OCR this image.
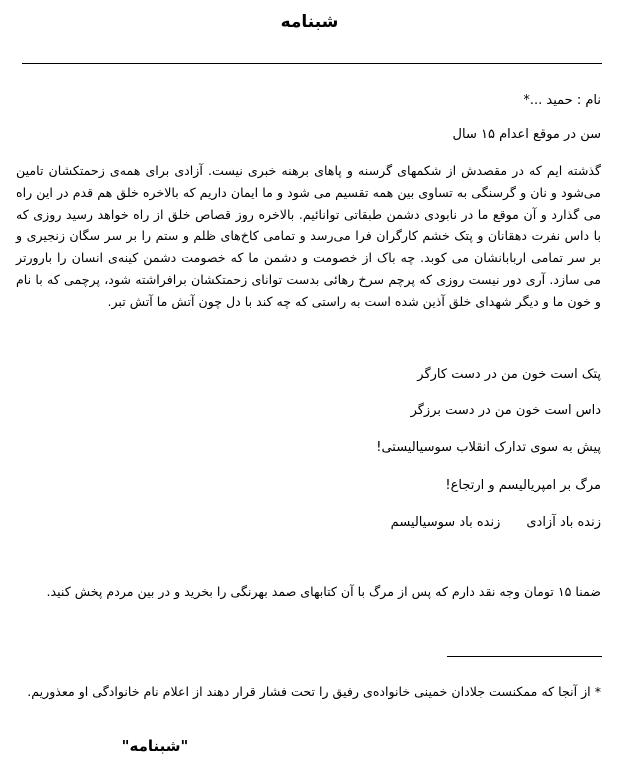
شبنامه
نام : حمید ...*
سن در موقع اعدام ۱۵ سال
گذشته ایم که در مقصدش از شکمهای گرسنه و پاهای برهنه خبری نیست. آزادی برای همه‌ی زحمتکشان تامین می‌شود و نان و گرسنگی به تساوی بین همه تقسیم می شود و ما ایمان داریم که بالاخره خلق هم قدم در این راه می گذارد و آن موقع ما در نابودی دشمن طبقاتی توانائیم. بالاخره روز قصاص خلق از راه خواهد رسید روزی که با داس نفرت دهقانان و پتک خشم کارگران فرا می‌رسد و تمامی کاخ‌های ظلم و ستم را بر سر سگان زنجیری و بر سر تمامی اربابانشان می کوبد. چه باک از خصومت و دشمن ما که خصومت دشمن کینه‌ی انسان را بارورتر می سازد. آری دور نیست روزی که پرچم سرخ رهائی بدست توانای زحمتکشان برافراشته شود، پرچمی که با نام و خون ما و دیگر شهدای خلق آذین شده است به راستی که چه کند با دل چون آتش ما آتش تبر.
پتک است خون من در دست کارگر
داس است خون من در دست برزگر
پیش به سوی تدارک انقلاب سوسیالیستی!
مرگ بر امپریالیسم و ارتجاع!
زنده باد آزادیزنده باد سوسیالیسم
ضمنا ۱۵ تومان وجه نقد دارم که پس از مرگ با آن کتابهای صمد بهرنگی را بخرید و در بین مردم پخش کنید.
* از آنجا که ممکنست جلادان خمینی خانواده‌ی رفیق را تحت فشار قرار دهند از اعلام نام خانوادگی او معذوریم.
"شبنامه"
